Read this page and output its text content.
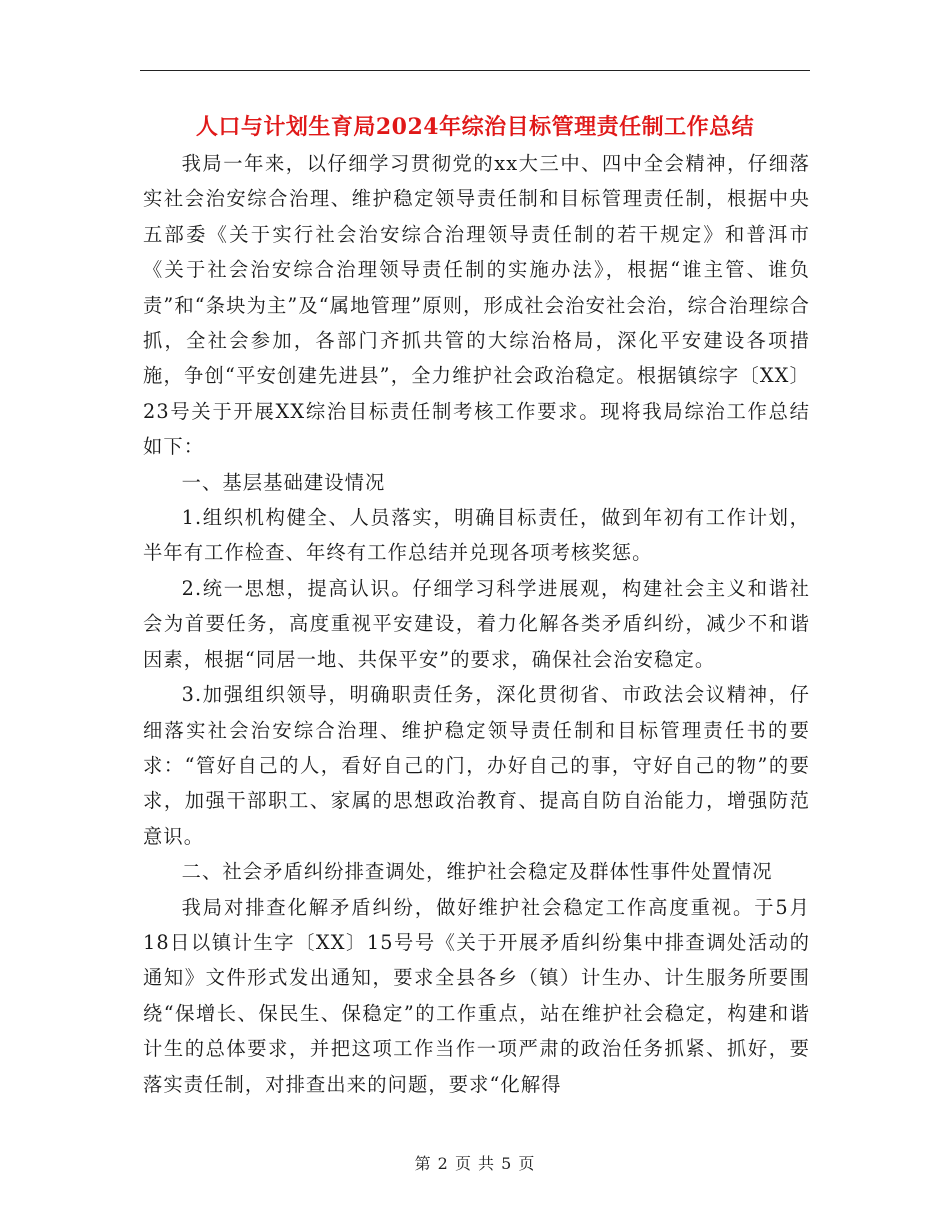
人口与计划生育局2024年综治目标管理责任制工作总结

我局一年来，以仔细学习贯彻党的xx大三中、四中全会精神，仔细落实社会治安综合治理、维护稳定领导责任制和目标管理责任制，根据中央五部委《关于实行社会治安综合治理领导责任制的若干规定》和普洱市《关于社会治安综合治理领导责任制的实施办法》，根据“谁主管、谁负责”和“条块为主”及“属地管理”原则，形成社会治安社会治，综合治理综合抓，全社会参加，各部门齐抓共管的大综治格局，深化平安建设各项措施，争创“平安创建先进县”，全力维护社会政治稳定。根据镇综字〔XX〕23号关于开展XX综治目标责任制考核工作要求。现将我局综治工作总结如下：

一、基层基础建设情况

1.组织机构健全、人员落实，明确目标责任，做到年初有工作计划，半年有工作检查、年终有工作总结并兑现各项考核奖惩。

2.统一思想，提高认识。仔细学习科学进展观，构建社会主义和谐社会为首要任务，高度重视平安建设，着力化解各类矛盾纠纷，减少不和谐因素，根据“同居一地、共保平安”的要求，确保社会治安稳定。

3.加强组织领导，明确职责任务，深化贯彻省、市政法会议精神，仔细落实社会治安综合治理、维护稳定领导责任制和目标管理责任书的要求：“管好自己的人，看好自己的门，办好自己的事，守好自己的物”的要求，加强干部职工、家属的思想政治教育、提高自防自治能力，增强防范意识。

二、社会矛盾纠纷排查调处，维护社会稳定及群体性事件处置情况

我局对排查化解矛盾纠纷，做好维护社会稳定工作高度重视。于5月18日以镇计生字〔XX〕15号号《关于开展矛盾纠纷集中排查调处活动的通知》文件形式发出通知，要求全县各乡（镇）计生办、计生服务所要围绕“保增长、保民生、保稳定”的工作重点，站在维护社会稳定，构建和谐计生的总体要求，并把这项工作当作一项严肃的政治任务抓紧、抓好，要落实责任制，对排查出来的问题，要求“化解得

第 2 页 共 5 页
